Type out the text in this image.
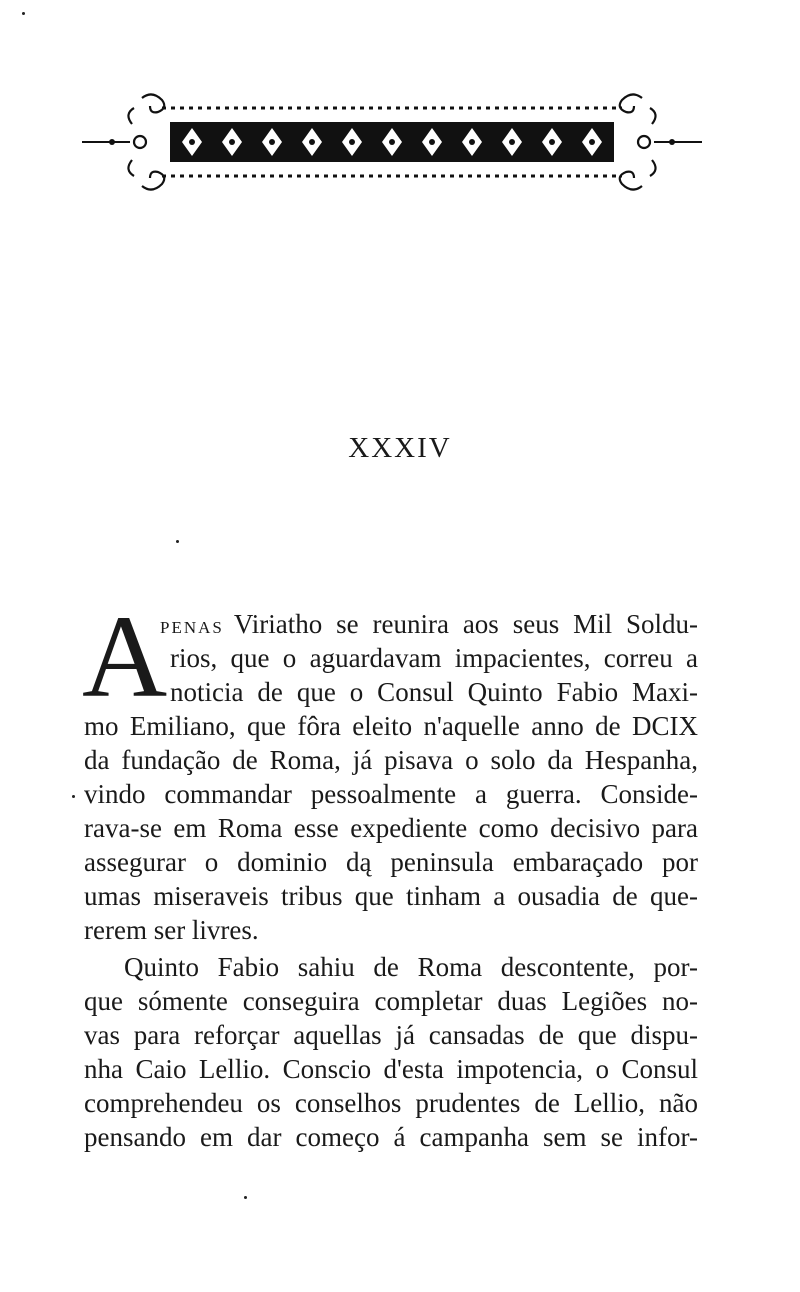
XXXIV
A
PENAS Viriatho se reunira aos seus Mil Soldu-
rios, que o aguardavam impacientes, correu a
noticia de que o Consul Quinto Fabio Maxi-
mo Emiliano, que fôra eleito n'aquelle anno de DCIX
da fundação de Roma, já pisava o solo da Hespanha,
vindo commandar pessoalmente a guerra. Conside-
rava-se em Roma esse expediente como decisivo para
assegurar o dominio dą peninsula embaraçado por
umas miseraveis tribus que tinham a ousadia de que-
rerem ser livres.
Quinto Fabio sahiu de Roma descontente, por-
que sómente conseguira completar duas Legiões no-
vas para reforçar aquellas já cansadas de que dispu-
nha Caio Lellio. Conscio d'esta impotencia, o Consul
comprehendeu os conselhos prudentes de Lellio, não
pensando em dar começo á campanha sem se infor-
